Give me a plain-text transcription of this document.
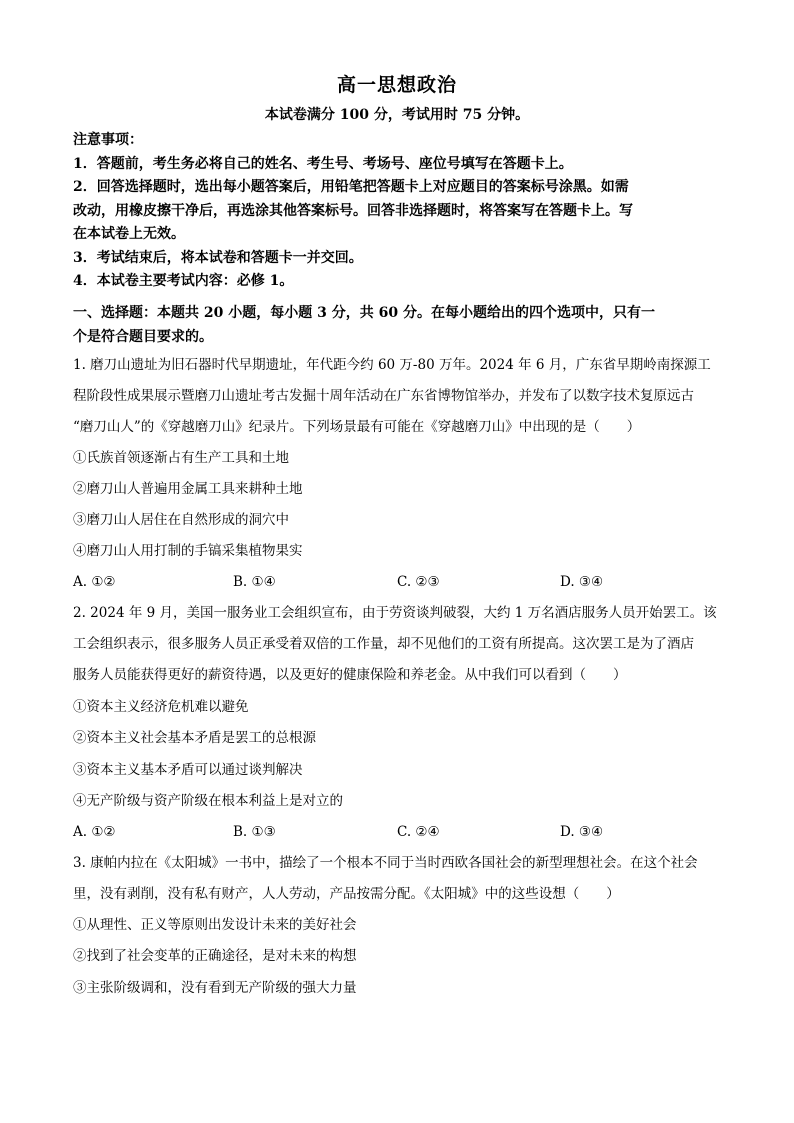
高一思想政治
本试卷满分 100 分，考试用时 75 分钟。

注意事项：

1．答题前，考生务必将自己的姓名、考生号、考场号、座位号填写在答题卡上。

2．回答选择题时，选出每小题答案后，用铅笔把答题卡上对应题目的答案标号涂黑。如需

改动，用橡皮擦干净后，再选涂其他答案标号。回答非选择题时，将答案写在答题卡上。写

在本试卷上无效。

3．考试结束后，将本试卷和答题卡一并交回。

4．本试卷主要考试内容：必修 1。

一、选择题：本题共 20 小题，每小题 3 分，共 60 分。在每小题给出的四个选项中，只有一
个是符合题目要求的。

1. 磨刀山遗址为旧石器时代早期遗址，年代距今约 60 万-80 万年。2024 年 6 月，广东省早期岭南探源工

程阶段性成果展示暨磨刀山遗址考古发掘十周年活动在广东省博物馆举办，并发布了以数字技术复原远古

“磨刀山人”的《穿越磨刀山》纪录片。下列场景最有可能在《穿越磨刀山》中出现的是（　　）

①氏族首领逐渐占有生产工具和土地
②磨刀山人普遍用金属工具来耕种土地
③磨刀山人居住在自然形成的洞穴中
④磨刀山人用打制的手镐采集植物果实
A. ①②	B. ①④	C. ②③	D. ③④

2. 2024 年 9 月，美国一服务业工会组织宣布，由于劳资谈判破裂，大约 1 万名酒店服务人员开始罢工。该

工会组织表示，很多服务人员正承受着双倍的工作量，却不见他们的工资有所提高。这次罢工是为了酒店

服务人员能获得更好的薪资待遇，以及更好的健康保险和养老金。从中我们可以看到（　　）

①资本主义经济危机难以避免
②资本主义社会基本矛盾是罢工的总根源
③资本主义基本矛盾可以通过谈判解决
④无产阶级与资产阶级在根本利益上是对立的
A. ①②	B. ①③	C. ②④	D. ③④

3. 康帕内拉在《太阳城》一书中，描绘了一个根本不同于当时西欧各国社会的新型理想社会。在这个社会

里，没有剥削，没有私有财产，人人劳动，产品按需分配。《太阳城》中的这些设想（　　）

①从理性、正义等原则出发设计未来的美好社会
②找到了社会变革的正确途径，是对未来的构想
③主张阶级调和，没有看到无产阶级的强大力量
